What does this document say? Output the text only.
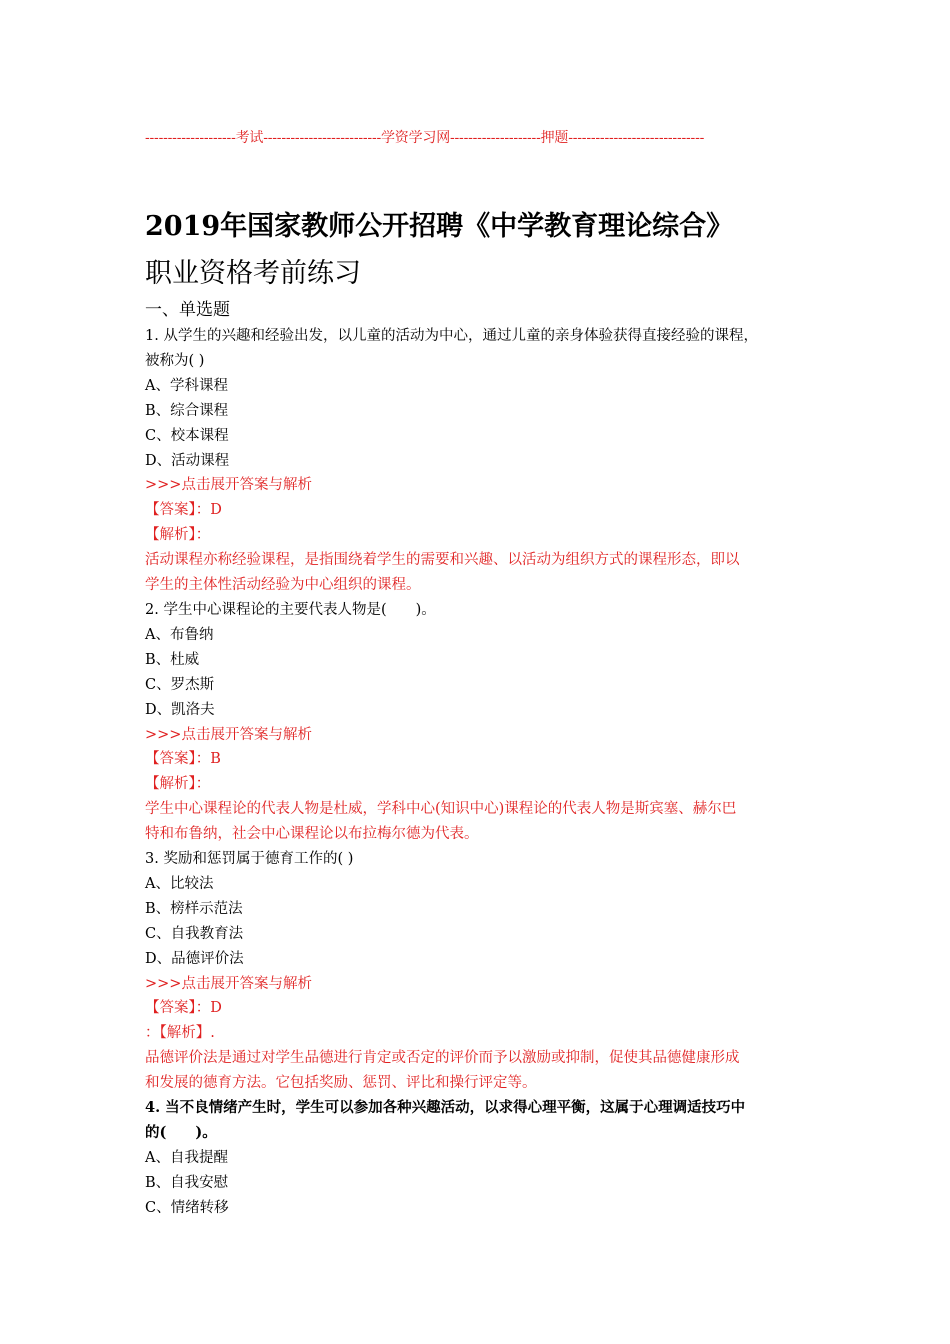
--------------------考试--------------------------学资学习网--------------------押题------------------------------
2019年国家教师公开招聘《中学教育理论综合》
职业资格考前练习
一、单选题

1. 从学生的兴趣和经验出发，以儿童的活动为中心，通过儿童的亲身体验获得直接经验的课程，

被称为( )

A、学科课程

B、综合课程

C、校本课程

D、活动课程

>>>点击展开答案与解析

【答案】：D

【解析】：

活动课程亦称经验课程，是指围绕着学生的需要和兴趣、以活动为组织方式的课程形态，即以

学生的主体性活动经验为中心组织的课程。

2. 学生中心课程论的主要代表人物是(　　)。

A、布鲁纳

B、杜威

C、罗杰斯

D、凯洛夫

>>>点击展开答案与解析

【答案】：B

【解析】：

学生中心课程论的代表人物是杜威，学科中心(知识中心)课程论的代表人物是斯宾塞、赫尔巴

特和布鲁纳，社会中心课程论以布拉梅尔德为代表。

3. 奖励和惩罚属于德育工作的( )

A、比较法

B、榜样示范法

C、自我教育法

D、品德评价法

>>>点击展开答案与解析

【答案】：D

：【解析】.

品德评价法是通过对学生品德进行肯定或否定的评价而予以激励或抑制，促使其品德健康形成

和发展的德育方法。它包括奖励、惩罚、评比和操行评定等。

4. 当不良情绪产生时，学生可以参加各种兴趣活动，以求得心理平衡，这属于心理调适技巧中

的(　　)。

A、自我提醒

B、自我安慰

C、情绪转移
